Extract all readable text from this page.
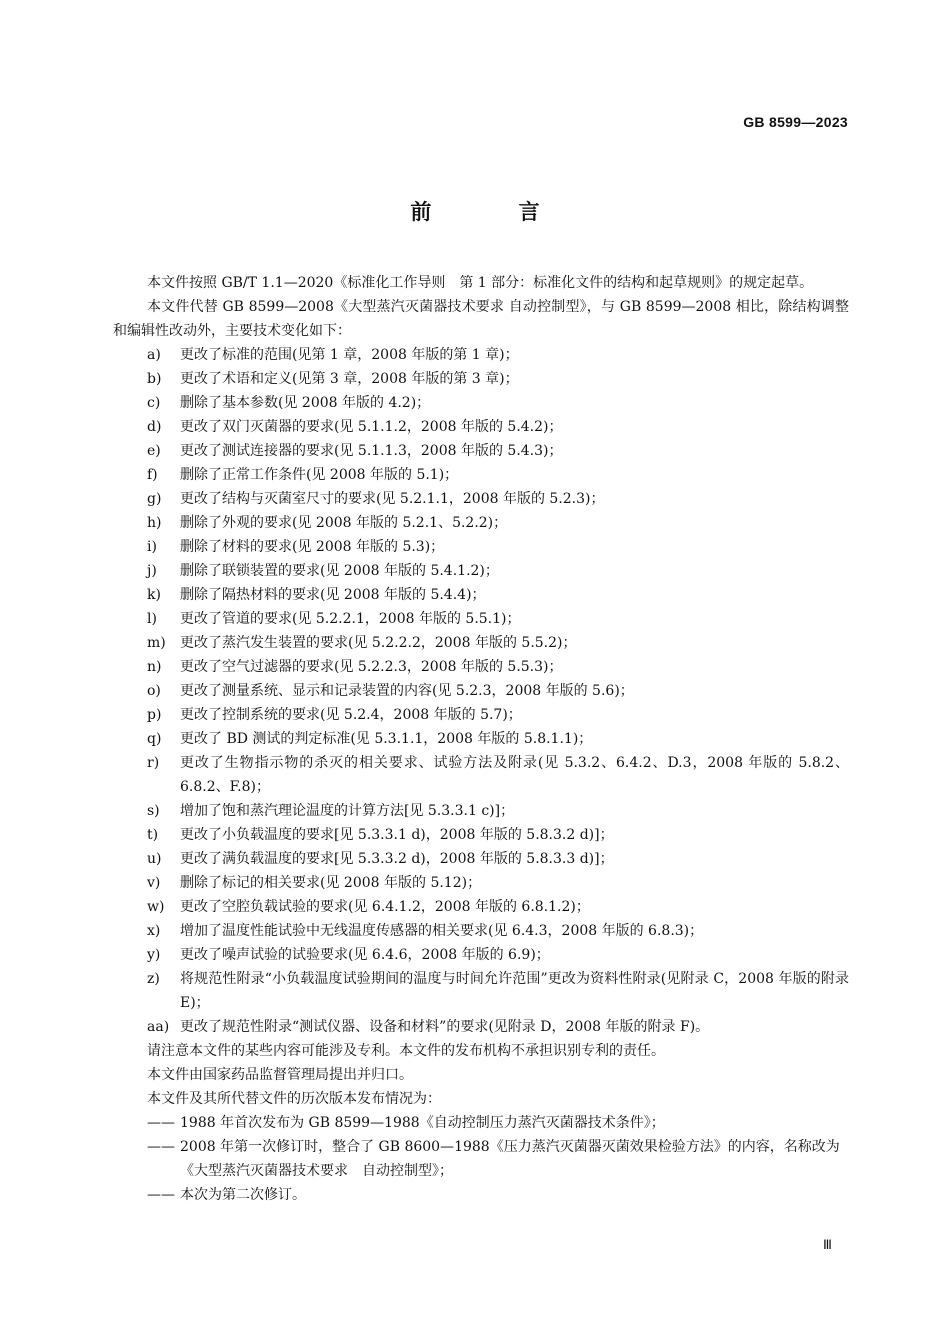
GB 8599—2023
前 言
本文件按照 GB/T 1.1—2020《标准化工作导则　第 1 部分：标准化文件的结构和起草规则》的规定起草。
本文件代替 GB 8599—2008《大型蒸汽灭菌器技术要求 自动控制型》，与 GB 8599—2008 相比，除结构调整和编辑性改动外，主要技术变化如下：
a) 更改了标准的范围(见第 1 章，2008 年版的第 1 章)；
b) 更改了术语和定义(见第 3 章，2008 年版的第 3 章)；
c) 删除了基本参数(见 2008 年版的 4.2)；
d) 更改了双门灭菌器的要求(见 5.1.1.2，2008 年版的 5.4.2)；
e) 更改了测试连接器的要求(见 5.1.1.3，2008 年版的 5.4.3)；
f) 删除了正常工作条件(见 2008 年版的 5.1)；
g) 更改了结构与灭菌室尺寸的要求(见 5.2.1.1，2008 年版的 5.2.3)；
h) 删除了外观的要求(见 2008 年版的 5.2.1、5.2.2)；
i) 删除了材料的要求(见 2008 年版的 5.3)；
j) 删除了联锁装置的要求(见 2008 年版的 5.4.1.2)；
k) 删除了隔热材料的要求(见 2008 年版的 5.4.4)；
l) 更改了管道的要求(见 5.2.2.1，2008 年版的 5.5.1)；
m) 更改了蒸汽发生装置的要求(见 5.2.2.2，2008 年版的 5.5.2)；
n) 更改了空气过滤器的要求(见 5.2.2.3，2008 年版的 5.5.3)；
o) 更改了测量系统、显示和记录装置的内容(见 5.2.3，2008 年版的 5.6)；
p) 更改了控制系统的要求(见 5.2.4，2008 年版的 5.7)；
q) 更改了 BD 测试的判定标准(见 5.3.1.1，2008 年版的 5.8.1.1)；
r) 更改了生物指示物的杀灭的相关要求、试验方法及附录(见 5.3.2、6.4.2、D.3，2008 年版的 5.8.2、6.8.2、F.8)；
s) 增加了饱和蒸汽理论温度的计算方法[见 5.3.3.1 c)]；
t) 更改了小负载温度的要求[见 5.3.3.1 d)，2008 年版的 5.8.3.2 d)]；
u) 更改了满负载温度的要求[见 5.3.3.2 d)，2008 年版的 5.8.3.3 d)]；
v) 删除了标记的相关要求(见 2008 年版的 5.12)；
w) 更改了空腔负载试验的要求(见 6.4.1.2，2008 年版的 6.8.1.2)；
x) 增加了温度性能试验中无线温度传感器的相关要求(见 6.4.3，2008 年版的 6.8.3)；
y) 更改了噪声试验的试验要求(见 6.4.6，2008 年版的 6.9)；
z) 将规范性附录“小负载温度试验期间的温度与时间允许范围”更改为资料性附录(见附录 C，2008 年版的附录 E)；
aa) 更改了规范性附录“测试仪器、设备和材料”的要求(见附录 D，2008 年版的附录 F)。
请注意本文件的某些内容可能涉及专利。本文件的发布机构不承担识别专利的责任。
本文件由国家药品监督管理局提出并归口。
本文件及其所代替文件的历次版本发布情况为：
—— 1988 年首次发布为 GB 8599—1988《自动控制压力蒸汽灭菌器技术条件》；
—— 2008 年第一次修订时，整合了 GB 8600—1988《压力蒸汽灭菌器灭菌效果检验方法》的内容，名称改为《大型蒸汽灭菌器技术要求　自动控制型》；
—— 本次为第二次修订。
Ⅲ
